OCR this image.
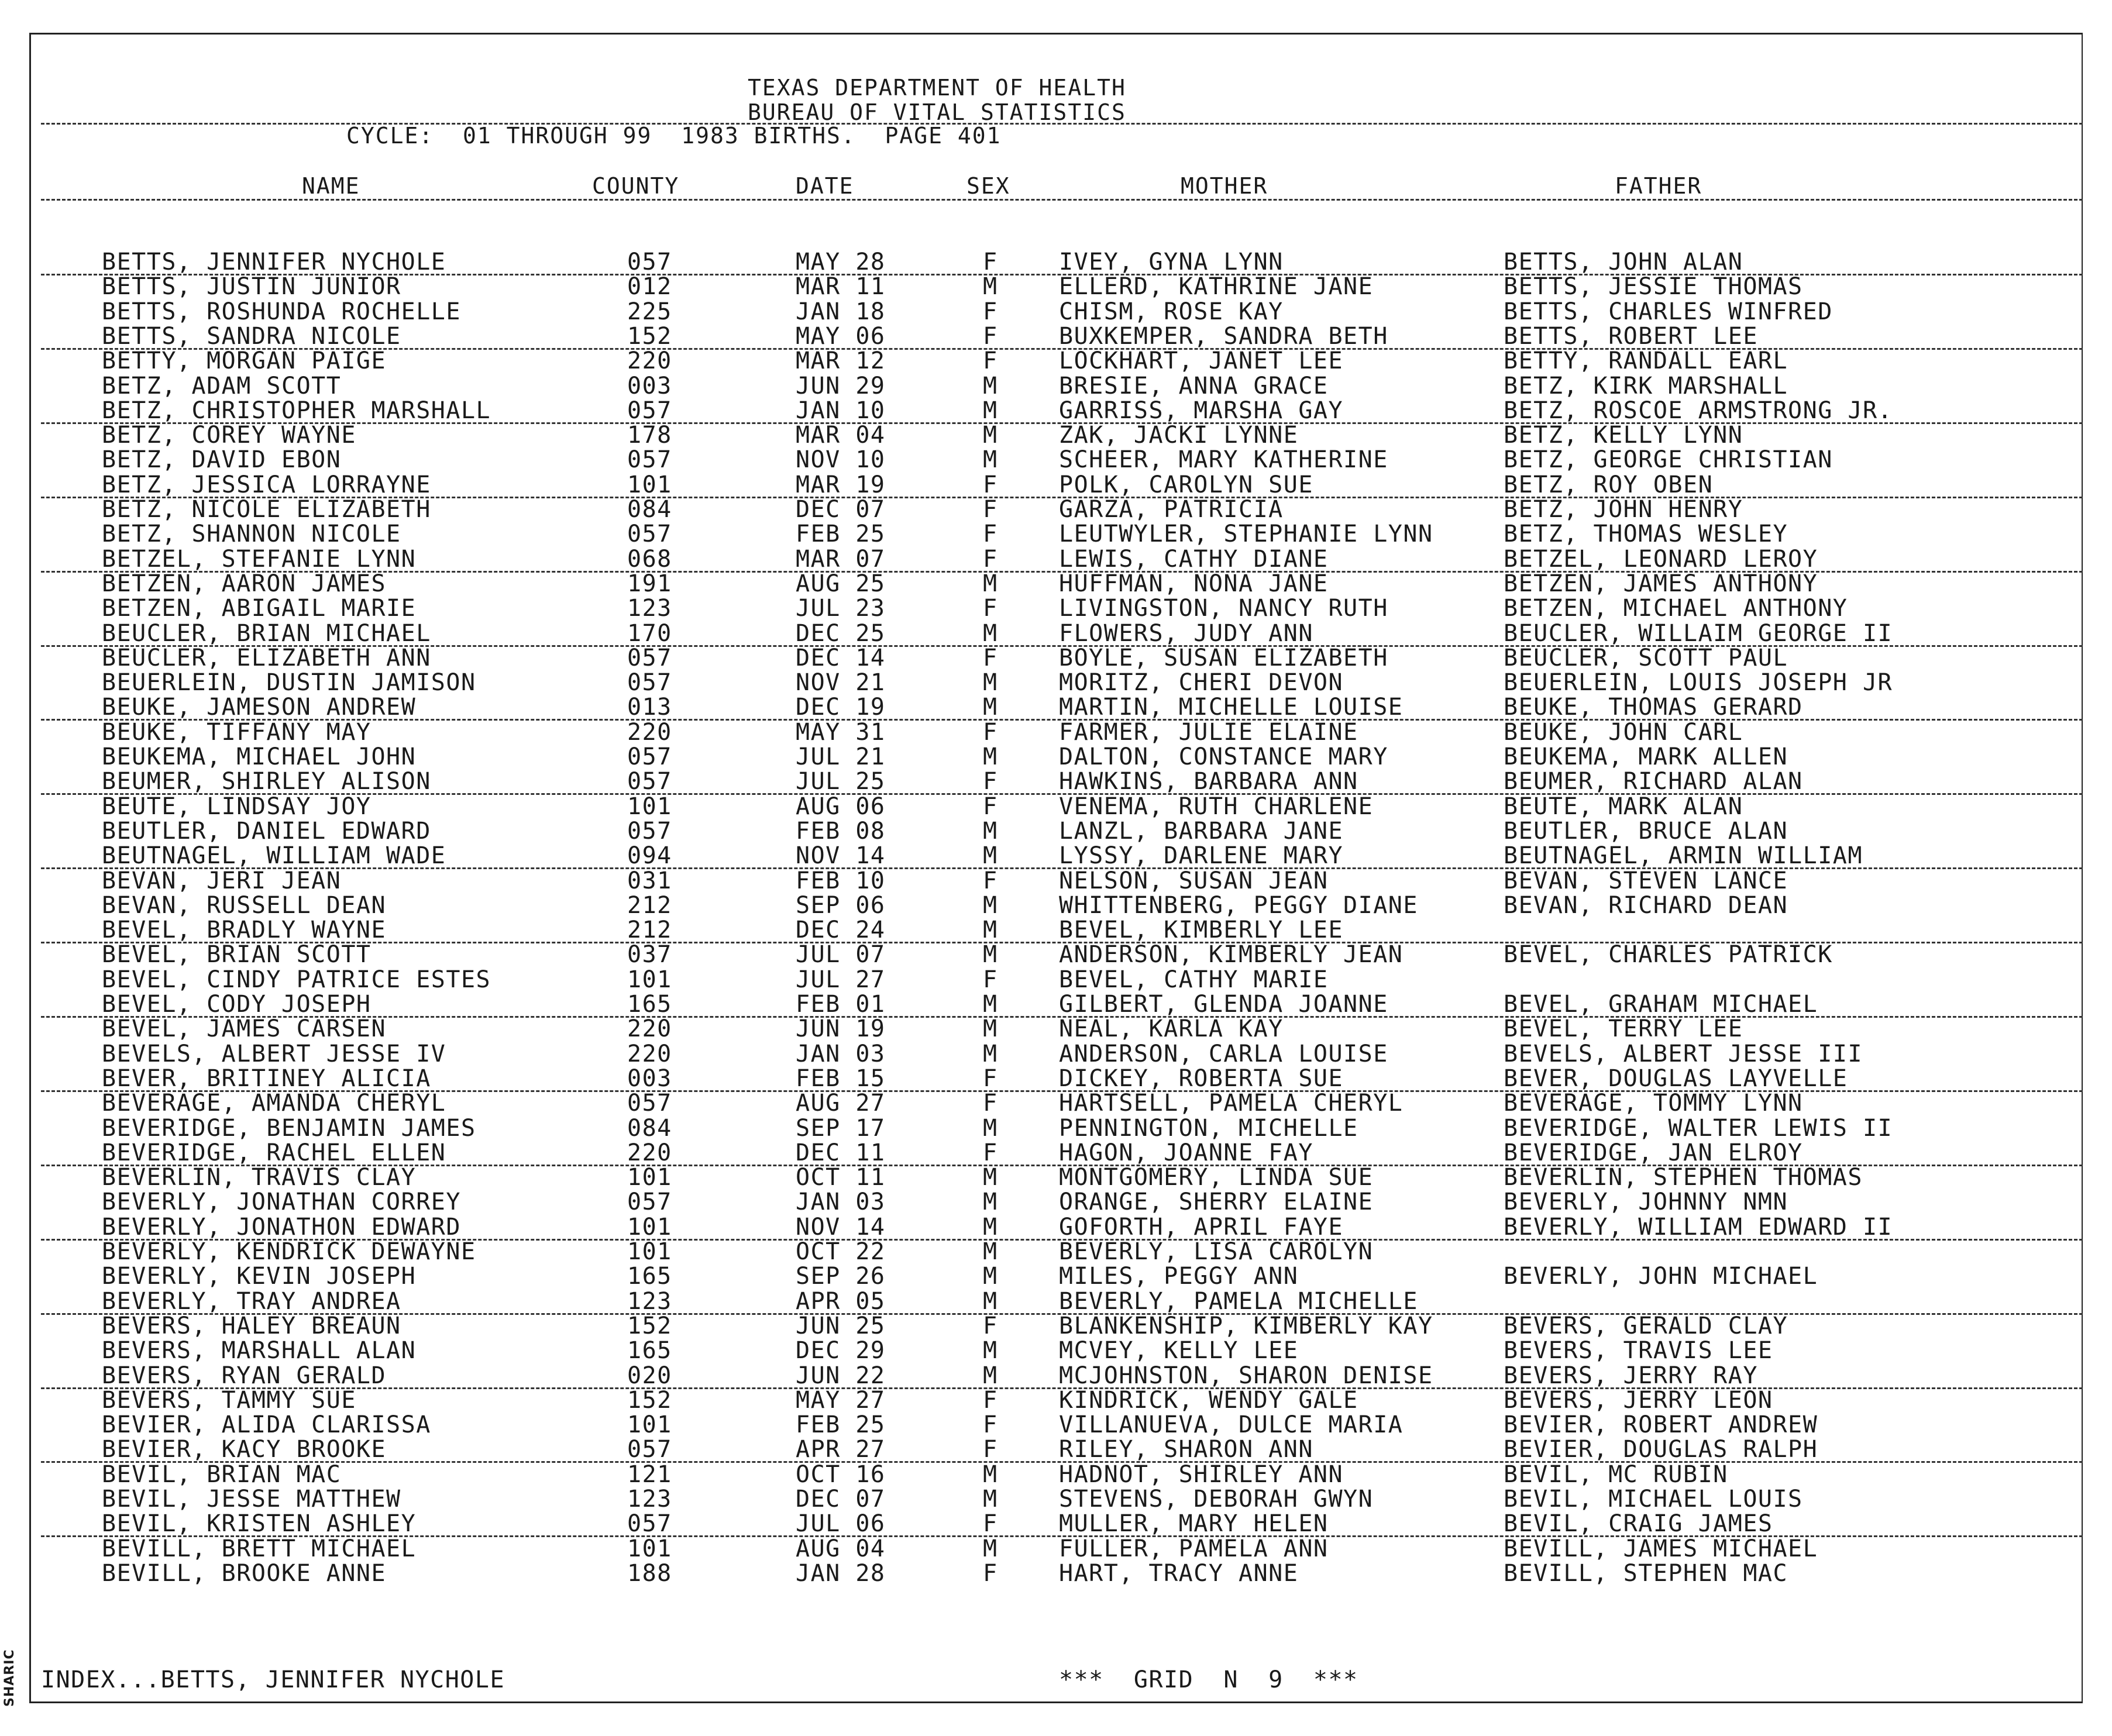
TEXAS DEPARTMENT OF HEALTH
BUREAU OF VITAL STATISTICS
CYCLE:  01 THROUGH 99  1983 BIRTHS.  PAGE 401
NAME	COUNTY	DATE	SEX	MOTHER	FATHER
BETTS, JENNIFER NYCHOLE	057	MAY 28	F	IVEY, GYNA LYNN	BETTS, JOHN ALAN
BETTS, JUSTIN JUNIOR	012	MAR 11	M	ELLERD, KATHRINE JANE	BETTS, JESSIE THOMAS
BETTS, ROSHUNDA ROCHELLE	225	JAN 18	F	CHISM, ROSE KAY	BETTS, CHARLES WINFRED
BETTS, SANDRA NICOLE	152	MAY 06	F	BUXKEMPER, SANDRA BETH	BETTS, ROBERT LEE
BETTY, MORGAN PAIGE	220	MAR 12	F	LOCKHART, JANET LEE	BETTY, RANDALL EARL
BETZ, ADAM SCOTT	003	JUN 29	M	BRESIE, ANNA GRACE	BETZ, KIRK MARSHALL
BETZ, CHRISTOPHER MARSHALL	057	JAN 10	M	GARRISS, MARSHA GAY	BETZ, ROSCOE ARMSTRONG JR.
BETZ, COREY WAYNE	178	MAR 04	M	ZAK, JACKI LYNNE	BETZ, KELLY LYNN
BETZ, DAVID EBON	057	NOV 10	M	SCHEER, MARY KATHERINE	BETZ, GEORGE CHRISTIAN
BETZ, JESSICA LORRAYNE	101	MAR 19	F	POLK, CAROLYN SUE	BETZ, ROY OBEN
BETZ, NICOLE ELIZABETH	084	DEC 07	F	GARZA, PATRICIA	BETZ, JOHN HENRY
BETZ, SHANNON NICOLE	057	FEB 25	F	LEUTWYLER, STEPHANIE LYNN	BETZ, THOMAS WESLEY
BETZEL, STEFANIE LYNN	068	MAR 07	F	LEWIS, CATHY DIANE	BETZEL, LEONARD LEROY
BETZEN, AARON JAMES	191	AUG 25	M	HUFFMAN, NONA JANE	BETZEN, JAMES ANTHONY
BETZEN, ABIGAIL MARIE	123	JUL 23	F	LIVINGSTON, NANCY RUTH	BETZEN, MICHAEL ANTHONY
BEUCLER, BRIAN MICHAEL	170	DEC 25	M	FLOWERS, JUDY ANN	BEUCLER, WILLAIM GEORGE II
BEUCLER, ELIZABETH ANN	057	DEC 14	F	BOYLE, SUSAN ELIZABETH	BEUCLER, SCOTT PAUL
BEUERLEIN, DUSTIN JAMISON	057	NOV 21	M	MORITZ, CHERI DEVON	BEUERLEIN, LOUIS JOSEPH JR
BEUKE, JAMESON ANDREW	013	DEC 19	M	MARTIN, MICHELLE LOUISE	BEUKE, THOMAS GERARD
BEUKE, TIFFANY MAY	220	MAY 31	F	FARMER, JULIE ELAINE	BEUKE, JOHN CARL
BEUKEMA, MICHAEL JOHN	057	JUL 21	M	DALTON, CONSTANCE MARY	BEUKEMA, MARK ALLEN
BEUMER, SHIRLEY ALISON	057	JUL 25	F	HAWKINS, BARBARA ANN	BEUMER, RICHARD ALAN
BEUTE, LINDSAY JOY	101	AUG 06	F	VENEMA, RUTH CHARLENE	BEUTE, MARK ALAN
BEUTLER, DANIEL EDWARD	057	FEB 08	M	LANZL, BARBARA JANE	BEUTLER, BRUCE ALAN
BEUTNAGEL, WILLIAM WADE	094	NOV 14	M	LYSSY, DARLENE MARY	BEUTNAGEL, ARMIN WILLIAM
BEVAN, JERI JEAN	031	FEB 10	F	NELSON, SUSAN JEAN	BEVAN, STEVEN LANCE
BEVAN, RUSSELL DEAN	212	SEP 06	M	WHITTENBERG, PEGGY DIANE	BEVAN, RICHARD DEAN
BEVEL, BRADLY WAYNE	212	DEC 24	M	BEVEL, KIMBERLY LEE
BEVEL, BRIAN SCOTT	037	JUL 07	M	ANDERSON, KIMBERLY JEAN	BEVEL, CHARLES PATRICK
BEVEL, CINDY PATRICE ESTES	101	JUL 27	F	BEVEL, CATHY MARIE
BEVEL, CODY JOSEPH	165	FEB 01	M	GILBERT, GLENDA JOANNE	BEVEL, GRAHAM MICHAEL
BEVEL, JAMES CARSEN	220	JUN 19	M	NEAL, KARLA KAY	BEVEL, TERRY LEE
BEVELS, ALBERT JESSE IV	220	JAN 03	M	ANDERSON, CARLA LOUISE	BEVELS, ALBERT JESSE III
BEVER, BRITINEY ALICIA	003	FEB 15	F	DICKEY, ROBERTA SUE	BEVER, DOUGLAS LAYVELLE
BEVERAGE, AMANDA CHERYL	057	AUG 27	F	HARTSELL, PAMELA CHERYL	BEVERAGE, TOMMY LYNN
BEVERIDGE, BENJAMIN JAMES	084	SEP 17	M	PENNINGTON, MICHELLE	BEVERIDGE, WALTER LEWIS II
BEVERIDGE, RACHEL ELLEN	220	DEC 11	F	HAGON, JOANNE FAY	BEVERIDGE, JAN ELROY
BEVERLIN, TRAVIS CLAY	101	OCT 11	M	MONTGOMERY, LINDA SUE	BEVERLIN, STEPHEN THOMAS
BEVERLY, JONATHAN CORREY	057	JAN 03	M	ORANGE, SHERRY ELAINE	BEVERLY, JOHNNY NMN
BEVERLY, JONATHON EDWARD	101	NOV 14	M	GOFORTH, APRIL FAYE	BEVERLY, WILLIAM EDWARD II
BEVERLY, KENDRICK DEWAYNE	101	OCT 22	M	BEVERLY, LISA CAROLYN
BEVERLY, KEVIN JOSEPH	165	SEP 26	M	MILES, PEGGY ANN	BEVERLY, JOHN MICHAEL
BEVERLY, TRAY ANDREA	123	APR 05	M	BEVERLY, PAMELA MICHELLE
BEVERS, HALEY BREAUN	152	JUN 25	F	BLANKENSHIP, KIMBERLY KAY	BEVERS, GERALD CLAY
BEVERS, MARSHALL ALAN	165	DEC 29	M	MCVEY, KELLY LEE	BEVERS, TRAVIS LEE
BEVERS, RYAN GERALD	020	JUN 22	M	MCJOHNSTON, SHARON DENISE	BEVERS, JERRY RAY
BEVERS, TAMMY SUE	152	MAY 27	F	KINDRICK, WENDY GALE	BEVERS, JERRY LEON
BEVIER, ALIDA CLARISSA	101	FEB 25	F	VILLANUEVA, DULCE MARIA	BEVIER, ROBERT ANDREW
BEVIER, KACY BROOKE	057	APR 27	F	RILEY, SHARON ANN	BEVIER, DOUGLAS RALPH
BEVIL, BRIAN MAC	121	OCT 16	M	HADNOT, SHIRLEY ANN	BEVIL, MC RUBIN
BEVIL, JESSE MATTHEW	123	DEC 07	M	STEVENS, DEBORAH GWYN	BEVIL, MICHAEL LOUIS
BEVIL, KRISTEN ASHLEY	057	JUL 06	F	MULLER, MARY HELEN	BEVIL, CRAIG JAMES
BEVILL, BRETT MICHAEL	101	AUG 04	M	FULLER, PAMELA ANN	BEVILL, JAMES MICHAEL
BEVILL, BROOKE ANNE	188	JAN 28	F	HART, TRACY ANNE	BEVILL, STEPHEN MAC
INDEX...BETTS, JENNIFER NYCHOLE	***  GRID  N  9  ***
SHARIC
